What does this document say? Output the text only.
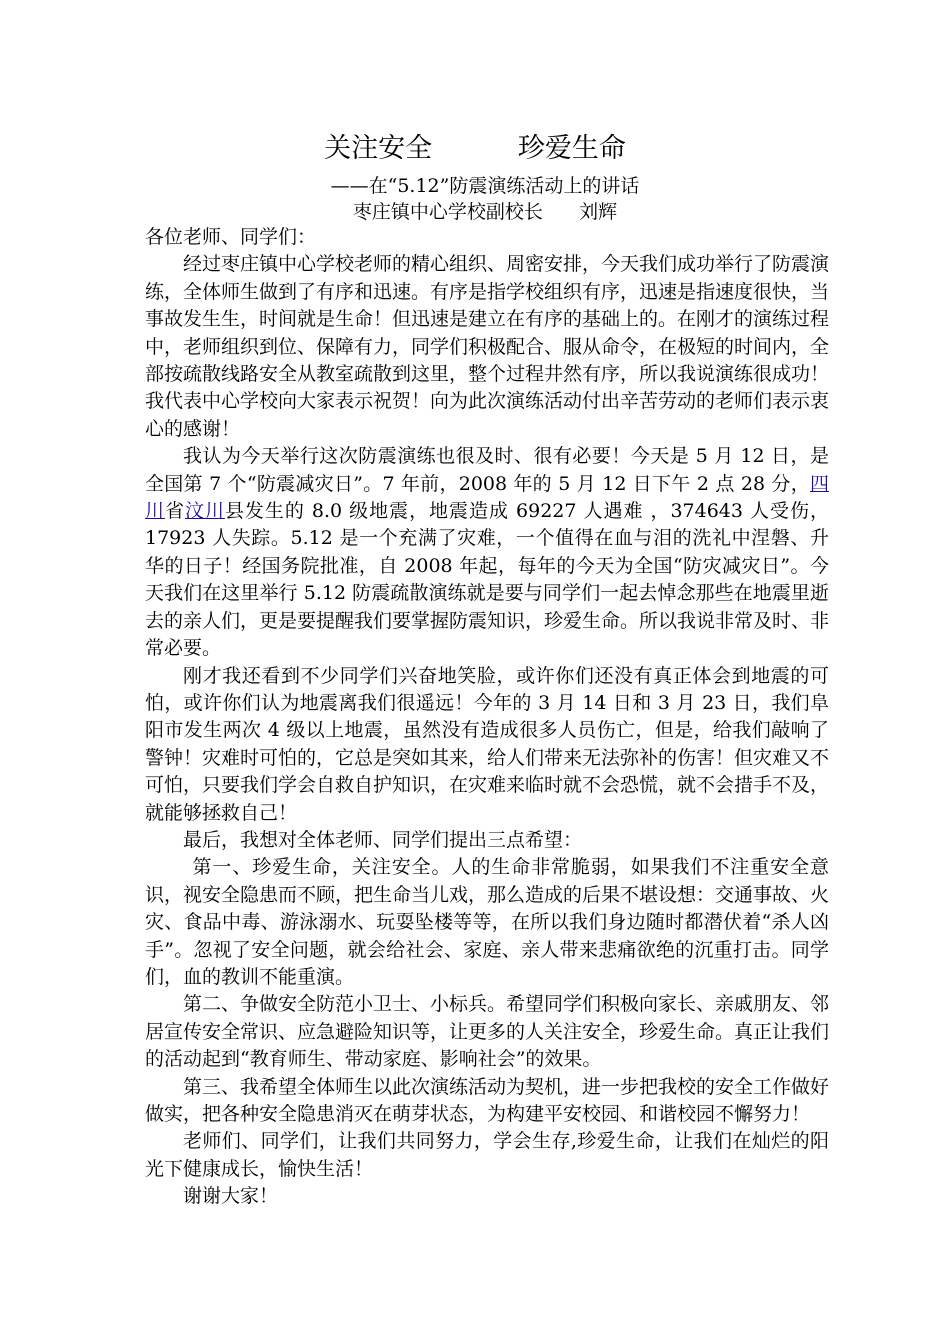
关注安全          珍爱生命
——在“5.12”防震演练活动上的讲话
枣庄镇中心学校副校长      刘辉

各位老师、同学们：

经过枣庄镇中心学校老师的精心组织、周密安排，今天我们成功举行了防震演练，全体师生做到了有序和迅速。有序是指学校组织有序，迅速是指速度很快，当事故发生生，时间就是生命！但迅速是建立在有序的基础上的。在刚才的演练过程中，老师组织到位、保障有力，同学们积极配合、服从命令，在极短的时间内，全部按疏散线路安全从教室疏散到这里，整个过程井然有序，所以我说演练很成功！我代表中心学校向大家表示祝贺！向为此次演练活动付出辛苦劳动的老师们表示衷心的感谢！

我认为今天举行这次防震演练也很及时、很有必要！今天是 5 月 12 日，是全国第 7 个“防震减灾日”。7 年前，2008 年的 5 月 12 日下午 2 点 28 分，四川省汶川县发生的 8.0 级地震，地震造成 69227 人遇难 ，374643 人受伤，17923 人失踪。5.12 是一个充满了灾难，一个值得在血与泪的洗礼中涅磐、升华的日子！经国务院批准，自 2008 年起，每年的今天为全国“防灾减灾日”。今天我们在这里举行 5.12 防震疏散演练就是要与同学们一起去悼念那些在地震里逝去的亲人们，更是要提醒我们要掌握防震知识，珍爱生命。所以我说非常及时、非常必要。

刚才我还看到不少同学们兴奋地笑脸，或许你们还没有真正体会到地震的可怕，或许你们认为地震离我们很遥远！今年的 3 月 14 日和 3 月 23 日，我们阜阳市发生两次 4 级以上地震，虽然没有造成很多人员伤亡，但是，给我们敲响了警钟！灾难时可怕的，它总是突如其来，给人们带来无法弥补的伤害！但灾难又不可怕，只要我们学会自救自护知识，在灾难来临时就不会恐慌，就不会措手不及，就能够拯救自己！

最后，我想对全体老师、同学们提出三点希望：

第一、珍爱生命，关注安全。人的生命非常脆弱，如果我们不注重安全意识，视安全隐患而不顾，把生命当儿戏，那么造成的后果不堪设想：交通事故、火灾、食品中毒、游泳溺水、玩耍坠楼等等，在所以我们身边随时都潜伏着“杀人凶手”。忽视了安全问题，就会给社会、家庭、亲人带来悲痛欲绝的沉重打击。同学们，血的教训不能重演。

第二、争做安全防范小卫士、小标兵。希望同学们积极向家长、亲戚朋友、邻居宣传安全常识、应急避险知识等，让更多的人关注安全，珍爱生命。真正让我们的活动起到“教育师生、带动家庭、影响社会”的效果。

第三、我希望全体师生以此次演练活动为契机，进一步把我校的安全工作做好做实，把各种安全隐患消灭在萌芽状态，为构建平安校园、和谐校园不懈努力！

老师们、同学们，让我们共同努力，学会生存,珍爱生命，让我们在灿烂的阳光下健康成长，愉快生活！

谢谢大家！
